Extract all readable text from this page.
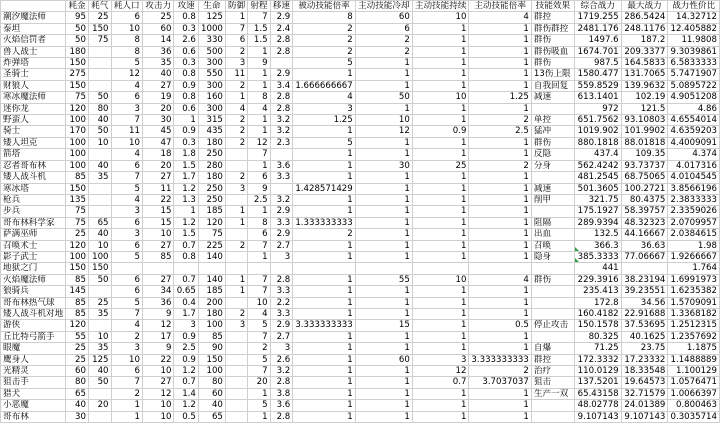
	耗金	耗气	耗人口	攻击力	攻速	生命	防御	射程	移速	被动技能倍率	主动技能冷却	主动技能持续	主动技能倍率	技能效果	综合战力	最大战力	战力性价比
潮汐魔法师	95	25	6	25	0.8	125	1	7	2.9	8	60	10	4	群控	1719.255	286.5424	14.32712
泰坦	50	150	10	60	0.3	1000	7	1.5	2.4	2	6	1	1	群伤群控	2481.176	248.1176	12.405882
火焰信罚者	50	75	8	14	2.6	330	6	1.5	2.8	2	2	1	1	群伤	1497.6	187.2	11.9808
兽人战士	180		8	36	0.6	500	2	1	2.8	2	2	1	1	群伤吸血	1674.701	209.3377	9.3039861
炸弹塔	150		5	35	0.3	300	3	9		5	1	1	1	群伤	987.5	164.5833	6.5833333
圣骑士	275		12	40	0.8	550	11	1	2.9	1	1	1	1	13伤上限	1580.477	131.7065	5.7471907
财狼人	150		4	27	0.9	300	2	1	3.4	1.666666667	1	1	1	自我回复	559.8529	139.9632	5.0895722
寒冰魔法师	75	50	6	19	0.8	160	1	8	2.8	4	50	10	1.25	减速	613.1401	102.19	4.9051208
迷你龙	120	80	3	20	0.6	300	4	4	2.8	3	1	1	1		972	121.5	4.86
野蛮人	100	40	7	30	1	315	2	1	3.2	1.25	10	1	2	单控	651.7562	93.10803	4.6554014
骑士	170	50	11	45	0.9	435	2	1	3.2	1	12	0.9	2.5	猛冲	1019.902	101.9902	4.6359203
矮人坦克	100	10	10	47	0.3	180	2	12	2.3	5	1	1	1	群伤	880.1818	88.01818	4.4009091
箭塔	100		4	18	1.8	250		7		1	1	1	1	反隐	437.4	109.35	4.374
忍者哥布林	100	40	6	20	1.5	280		1	3.6	1	30	25	2	分身	562.4242	93.73737	4.017316
矮人战斗机	85	35	7	27	1.7	180	2	6	3.3	1	1	1	1		481.2545	68.75065	4.0104545
寒冰塔	150		5	11	1.2	250	3	9		1.428571429	1	1	1	减速	501.3605	100.2721	3.8566196
枪兵	135		4	22	1.3	250		2.5	3.2	1	1	1	1	削甲	321.75	80.4375	2.3833333
步兵	75		3	15	1	185	1	1	2.9	1	1	1	1		175.1927	58.39757	2.3359026
哥布林科学家	75	65	6	15	1.2	120	1	8	3.3	1.333333333	1	1	1	阻隔	289.9394	48.32323	2.0709957
萨满巫师	25	40	3	10	1.5	75		6	2.9	2	1	1	1	出血	132.5	44.16667	2.0384615
召唤术士	120	10	6	27	0.7	225	2	7	2.7	1	1	1	1	召唤	366.3	36.63	1.98
影子武士	100	100	5	85	0.8	140		1	3	1	1	1	1	隐身	385.3333	77.06667	1.9266667
地狱之门	150	150													441		1.764
火焰魔法师	85	50	6	27	0.7	140	1	7	2.8	1	55	10	4	群伤	229.3916	38.23194	1.6991973
狼骑兵	145		6	34	0.65	185	1	7	3.3	1	1	1	1		235.413	39.23551	1.6235382
哥布林热气球	85	25	5	36	0.4	200		10	2.2	1	1	1	1		172.8	34.56	1.5709091
矮人战斗机对地	85	35	7	9	1.7	180	2	4	3.3	1	1	1	1		160.4182	22.91688	1.3368182
游侠	120		4	12	3	100	3	5	2.9	3.333333333	15	1	0.5	停止攻击	150.1578	37.53695	1.2512315
丘比特弓箭手	55	10	2	17	0.9	85		7	2.7	1	1	1	1		80.325	40.1625	1.2357692
眼魔	25	35	3	9	2.5	90		2	3	1	1	1	1	自爆	71.25	23.75	1.1875
鹰身人	25	125	10	22	0.9	150		5	2.6	1	60	3	3.333333333	群控	172.3332	17.23332	1.1488889
光精灵	60	40	6	10	1.2	100		7	3.2	1	1	12	2	治疗	110.0129	18.33548	1.100129
狙击手	80	50	7	27	0.7	80		20	2.8	1	1	0.7	3.7037037	狙击	137.5201	19.64573	1.0576471
猎犬	65		2	12	1.4	60		1	3.8	1	1	1	1	生产一双	65.43158	32.71579	1.0066397
小恶魔	40	20	1	10	1.2	40		5	3.6	1	1	1	1		48.02778	24.01389	0.800463
哥布林	30		1	10	0.5	65		1	2.8	1	1	1	1		9.107143	9.107143	0.3035714
